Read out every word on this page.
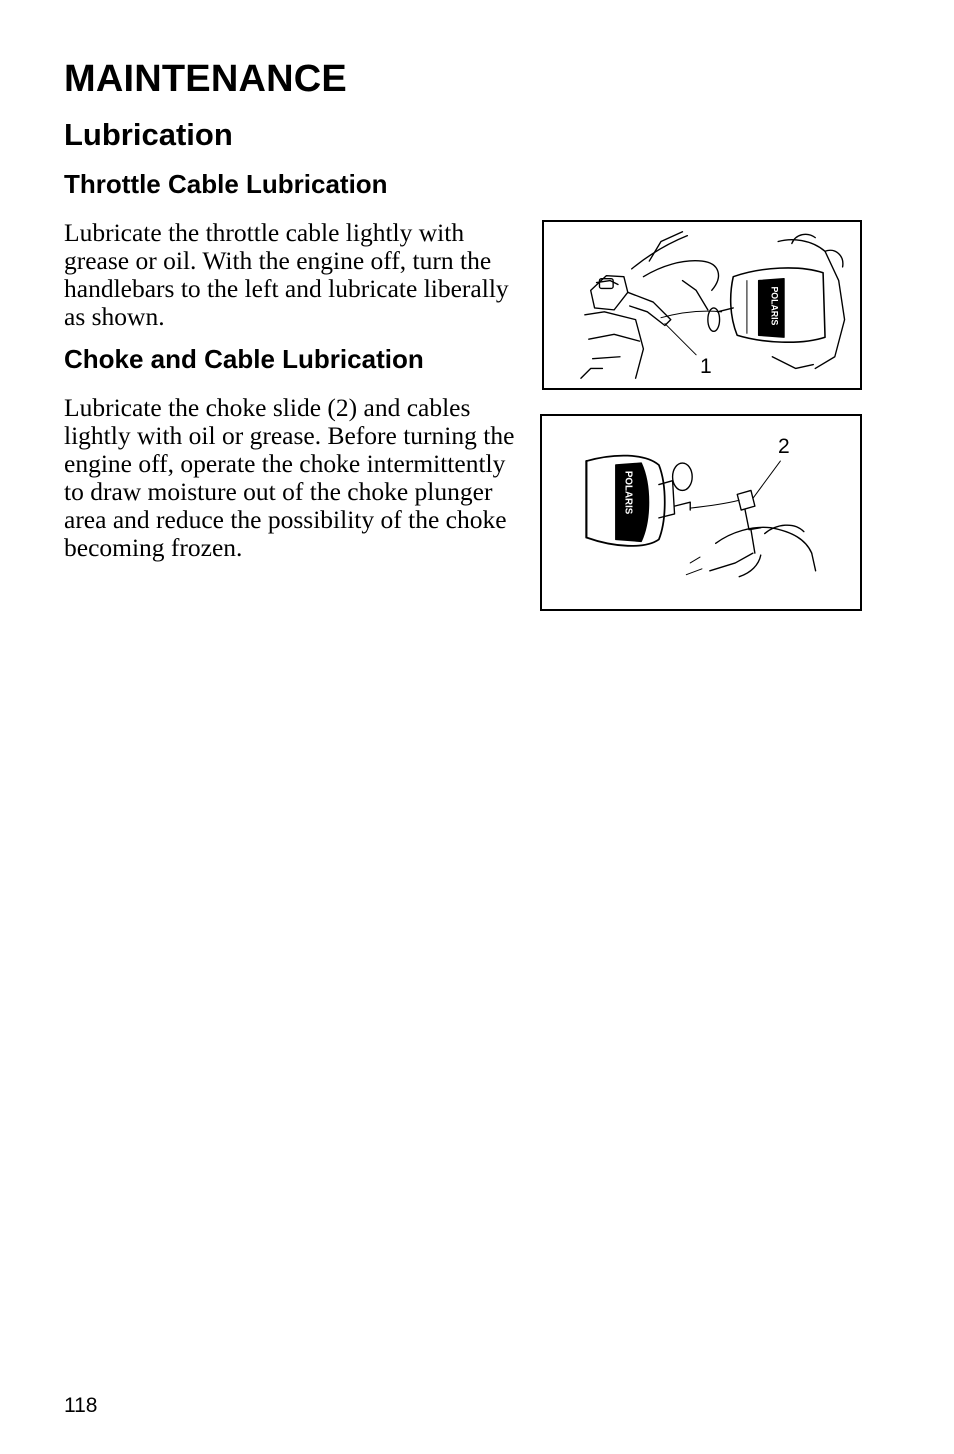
MAINTENANCE
Lubrication
Throttle Cable Lubrication

Lubricate the throttle cable lightly with grease or oil. With the engine off, turn the handlebars to the left and lubricate liberally as shown.

Choke and Cable Lubrication

Lubricate the choke slide (2) and cables lightly with oil or grease. Before turning the engine off, operate the choke intermittently to draw moisture out of the choke plunger area and reduce the possibility of the choke becoming frozen.

POLARIS
1
POLARIS
2
118
